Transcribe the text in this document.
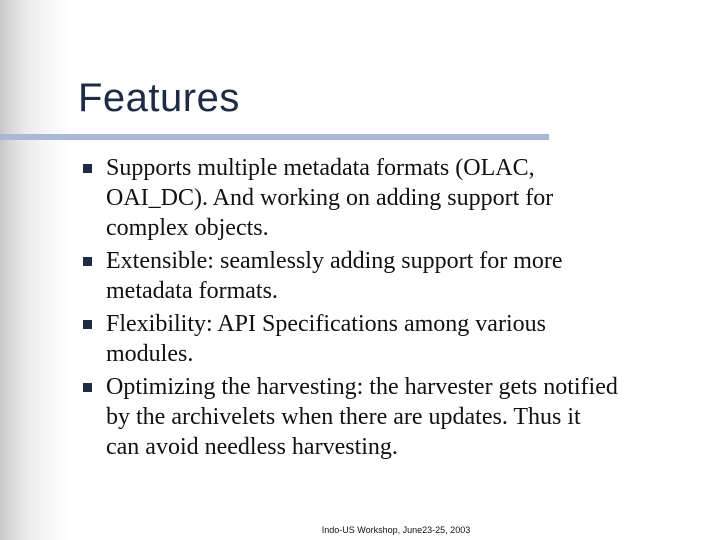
Features
Supports multiple metadata formats (OLAC,
OAI_DC). And working on adding support for
complex objects.
Extensible: seamlessly adding support for more
metadata formats.
Flexibility: API Specifications among various
modules.
Optimizing the harvesting: the harvester gets notified
by the archivelets when there are updates. Thus it
can avoid needless harvesting.
Indo-US Workshop, June23-25, 2003
